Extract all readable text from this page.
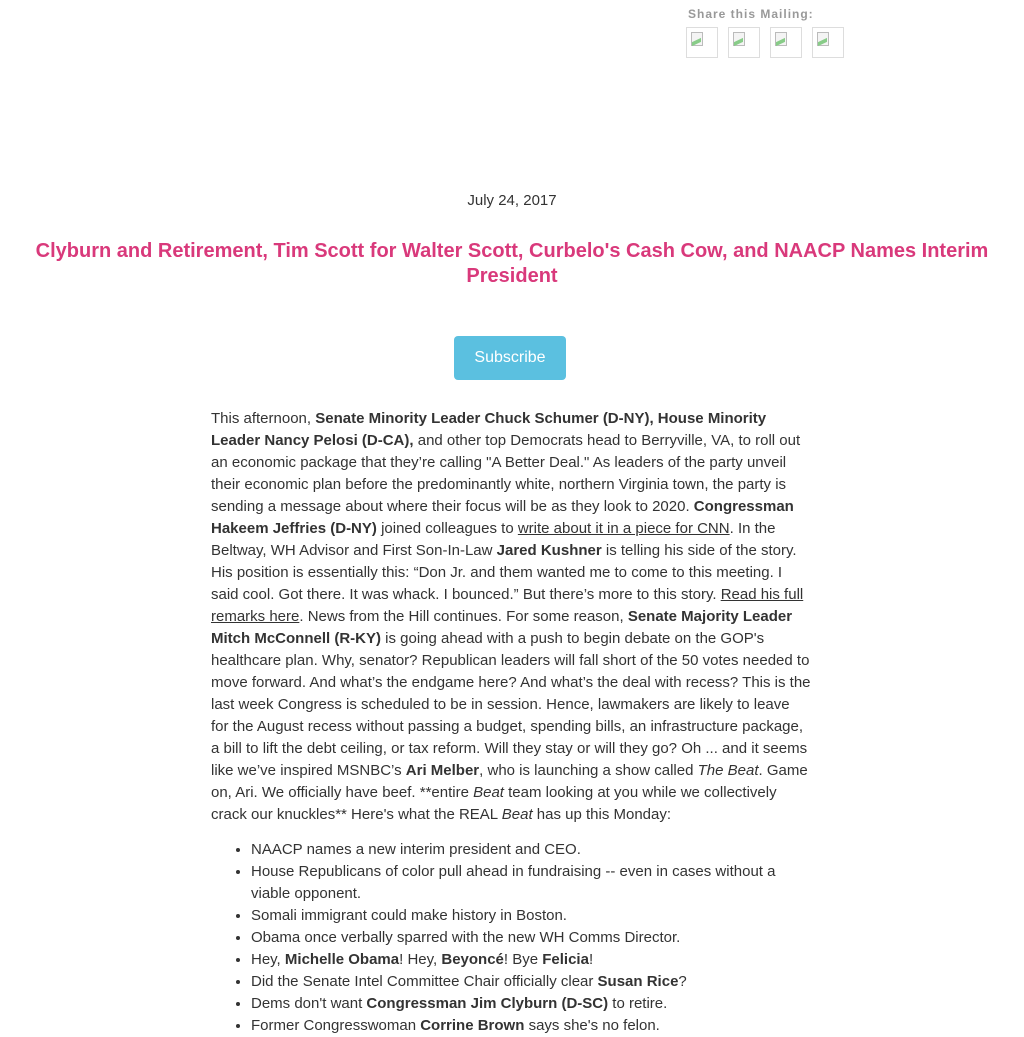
Share this Mailing:
July 24, 2017
Clyburn and Retirement, Tim Scott for Walter Scott, Curbelo's Cash Cow, and NAACP Names Interim President
Subscribe

This afternoon, Senate Minority Leader Chuck Schumer (D-NY), House Minority Leader Nancy Pelosi (D-CA), and other top Democrats head to Berryville, VA, to roll out an economic package that they’re calling "A Better Deal." As leaders of the party unveil their economic plan before the predominantly white, northern Virginia town, the party is sending a message about where their focus will be as they look to 2020. Congressman Hakeem Jeffries (D-NY) joined colleagues to write about it in a piece for CNN. In the Beltway, WH Advisor and First Son-In-Law Jared Kushner is telling his side of the story. His position is essentially this: “Don Jr. and them wanted me to come to this meeting. I said cool. Got there. It was whack. I bounced.” But there’s more to this story. Read his full remarks here. News from the Hill continues. For some reason, Senate Majority Leader Mitch McConnell (R-KY) is going ahead with a push to begin debate on the GOP's healthcare plan. Why, senator? Republican leaders will fall short of the 50 votes needed to move forward. And what’s the endgame here? And what’s the deal with recess? This is the last week Congress is scheduled to be in session. Hence, lawmakers are likely to leave for the August recess without passing a budget, spending bills, an infrastructure package, a bill to lift the debt ceiling, or tax reform. Will they stay or will they go? Oh ... and it seems like we’ve inspired MSNBC’s Ari Melber, who is launching a show called The Beat. Game on, Ari. We officially have beef. **entire Beat team looking at you while we collectively crack our knuckles** Here's what the REAL Beat has up this Monday:

• NAACP names a new interim president and CEO.
• House Republicans of color pull ahead in fundraising -- even in cases without a viable opponent.
• Somali immigrant could make history in Boston.
• Obama once verbally sparred with the new WH Comms Director.
• Hey, Michelle Obama! Hey, Beyoncé! Bye Felicia!
• Did the Senate Intel Committee Chair officially clear Susan Rice?
• Dems don't want Congressman Jim Clyburn (D-SC) to retire.
• Former Congresswoman Corrine Brown says she's no felon.
